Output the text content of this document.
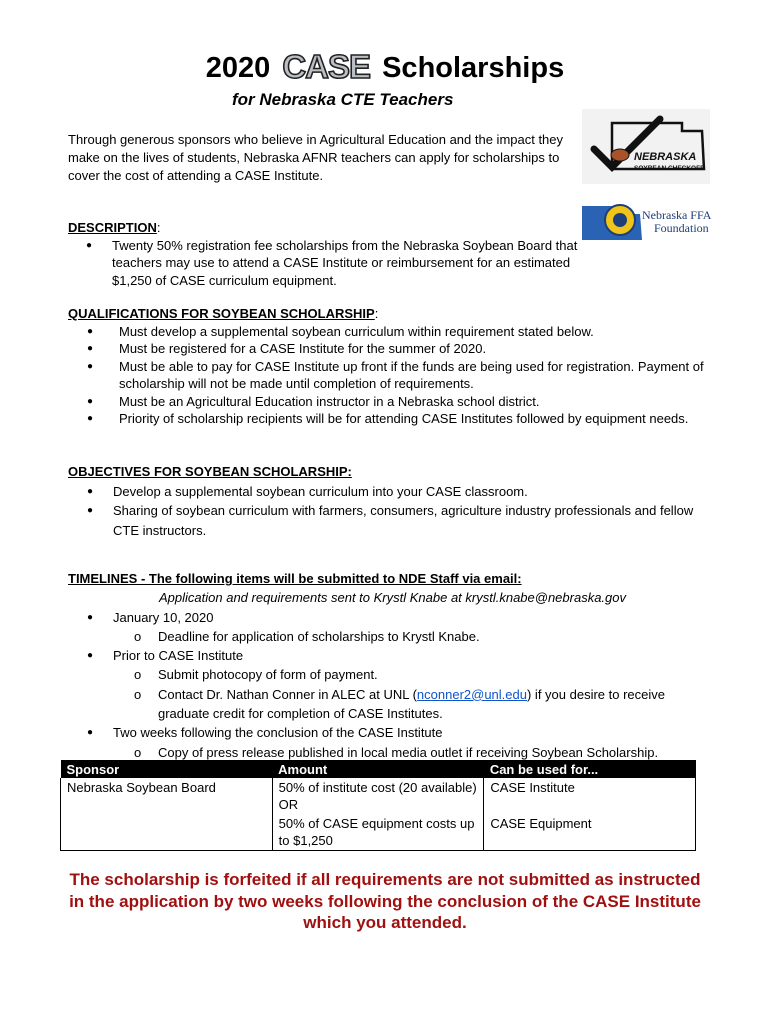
2020 CASE Scholarships
for Nebraska CTE Teachers
NEBRASKA
SOYBEAN CHECKOFF
Nebraska FFA
Foundation
Through generous sponsors who believe in Agricultural Education and the impact they make on the lives of students, Nebraska AFNR teachers can apply for scholarships to cover the cost of attending a CASE Institute.
DESCRIPTION:
● Twenty 50% registration fee scholarships from the Nebraska Soybean Board that teachers may use to attend a CASE Institute or reimbursement for an estimated $1,250 of CASE curriculum equipment.
QUALIFICATIONS FOR SOYBEAN SCHOLARSHIP:
● Must develop a supplemental soybean curriculum within requirement stated below.
● Must be registered for a CASE Institute for the summer of 2020.
● Must be able to pay for CASE Institute up front if the funds are being used for registration. Payment of scholarship will not be made until completion of requirements.
● Must be an Agricultural Education instructor in a Nebraska school district.
● Priority of scholarship recipients will be for attending CASE Institutes followed by equipment needs.
OBJECTIVES FOR SOYBEAN SCHOLARSHIP:
● Develop a supplemental soybean curriculum into your CASE classroom.
● Sharing of soybean curriculum with farmers, consumers, agriculture industry professionals and fellow CTE instructors.
TIMELINES - The following items will be submitted to NDE Staff via email:
Application and requirements sent to Krystl Knabe at krystl.knabe@nebraska.gov
● January 10, 2020
o Deadline for application of scholarships to Krystl Knabe.
● Prior to CASE Institute
o Submit photocopy of form of payment.
o Contact Dr. Nathan Conner in ALEC at UNL (nconner2@unl.edu) if you desire to receive graduate credit for completion of CASE Institutes.
● Two weeks following the conclusion of the CASE Institute
o Copy of press release published in local media outlet if receiving Soybean Scholarship.
Sponsor	Amount	Can be used for...
Nebraska Soybean Board	50% of institute cost (20 available) OR	CASE Institute
	50% of CASE equipment costs up to $1,250	CASE Equipment
The scholarship is forfeited if all requirements are not submitted as instructed in the application by two weeks following the conclusion of the CASE Institute which you attended.
